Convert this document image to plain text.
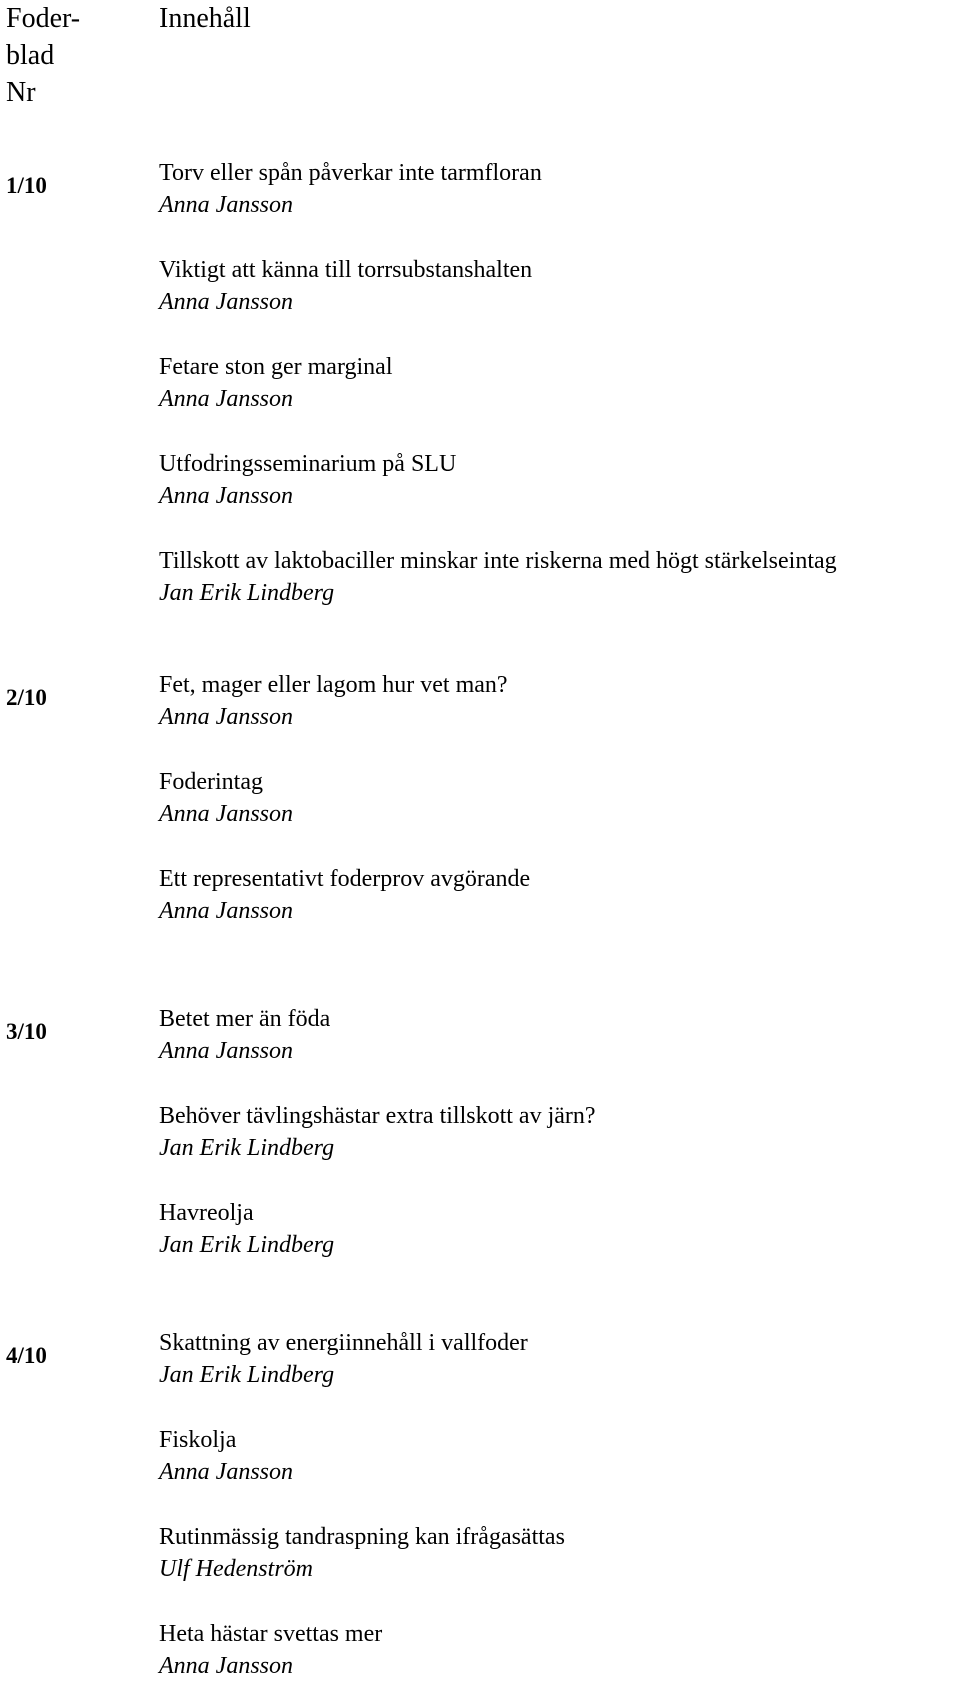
Foder-
blad
Nr
Innehåll
1/10	Torv eller spån påverkar inte tarmfloran
Anna Jansson
Viktigt att känna till torrsubstanshalten
Anna Jansson
Fetare ston ger marginal
Anna Jansson
Utfodringsseminarium på SLU
Anna Jansson
Tillskott av laktobaciller minskar inte riskerna med högt stärkelseintag
Jan Erik Lindberg
2/10	Fet, mager eller lagom hur vet man?
Anna Jansson
Foderintag
Anna Jansson
Ett representativt foderprov avgörande
Anna Jansson
3/10	Betet mer än föda
Anna Jansson
Behöver tävlingshästar extra tillskott av järn?
Jan Erik Lindberg
Havreolja
Jan Erik Lindberg
4/10	Skattning av energiinnehåll i vallfoder
Jan Erik Lindberg
Fiskolja
Anna Jansson
Rutinmässig tandraspning kan ifrågasättas
Ulf Hedenström
Heta hästar svettas mer
Anna Jansson
